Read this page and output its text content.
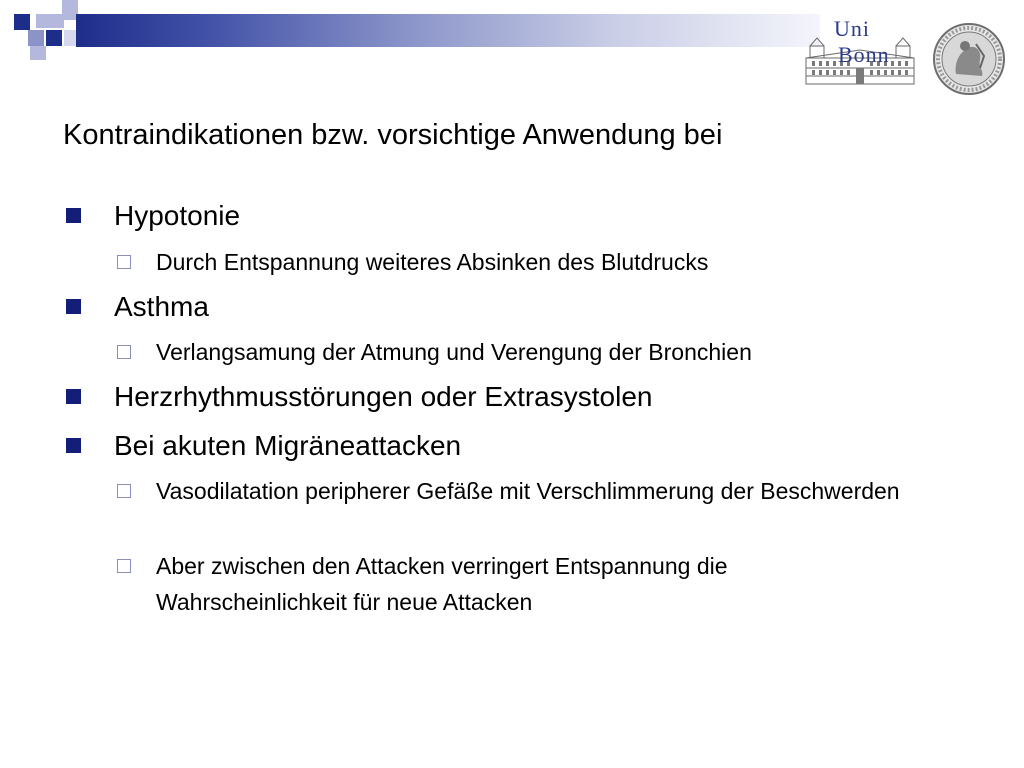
Uni
Bonn
Kontraindikationen bzw. vorsichtige Anwendung bei
Hypotonie
Durch Entspannung weiteres Absinken des Blutdrucks
Asthma
Verlangsamung der Atmung und Verengung der Bronchien
Herzrhythmusstörungen oder Extrasystolen
Bei akuten Migräneattacken
Vasodilatation peripherer Gefäße mit Verschlimmerung der Beschwerden
Aber zwischen den Attacken verringert Entspannung die Wahrscheinlichkeit für neue Attacken
